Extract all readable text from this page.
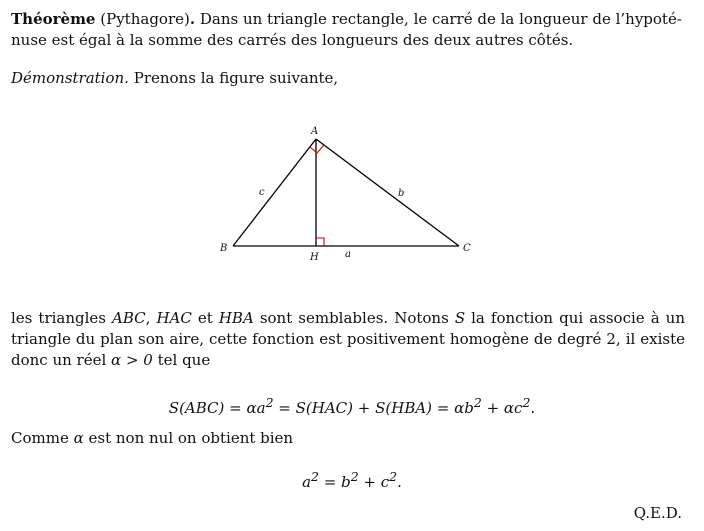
Théorème (Pythagore). Dans un triangle rectangle, le carré de la longueur de l’hypoté-

nuse est égal à la somme des carrés des longueurs des deux autres côtés.

Démonstration. Prenons la figure suivante,

A
B	C
H	a
b
c

les triangles ABC, HAC et HBA sont semblables. Notons S la fonction qui associe à un triangle du plan son aire, cette fonction est positivement homogène de degré 2, il existe donc un réel α > 0 tel que

$S(ABC) = \alpha a^2 = S(HAC) + S(HBA) = \alpha b^2 + \alpha c^2$.

Comme α est non nul on obtient bien

$a^2 = b^2 + c^2$.
Q.E.D.
